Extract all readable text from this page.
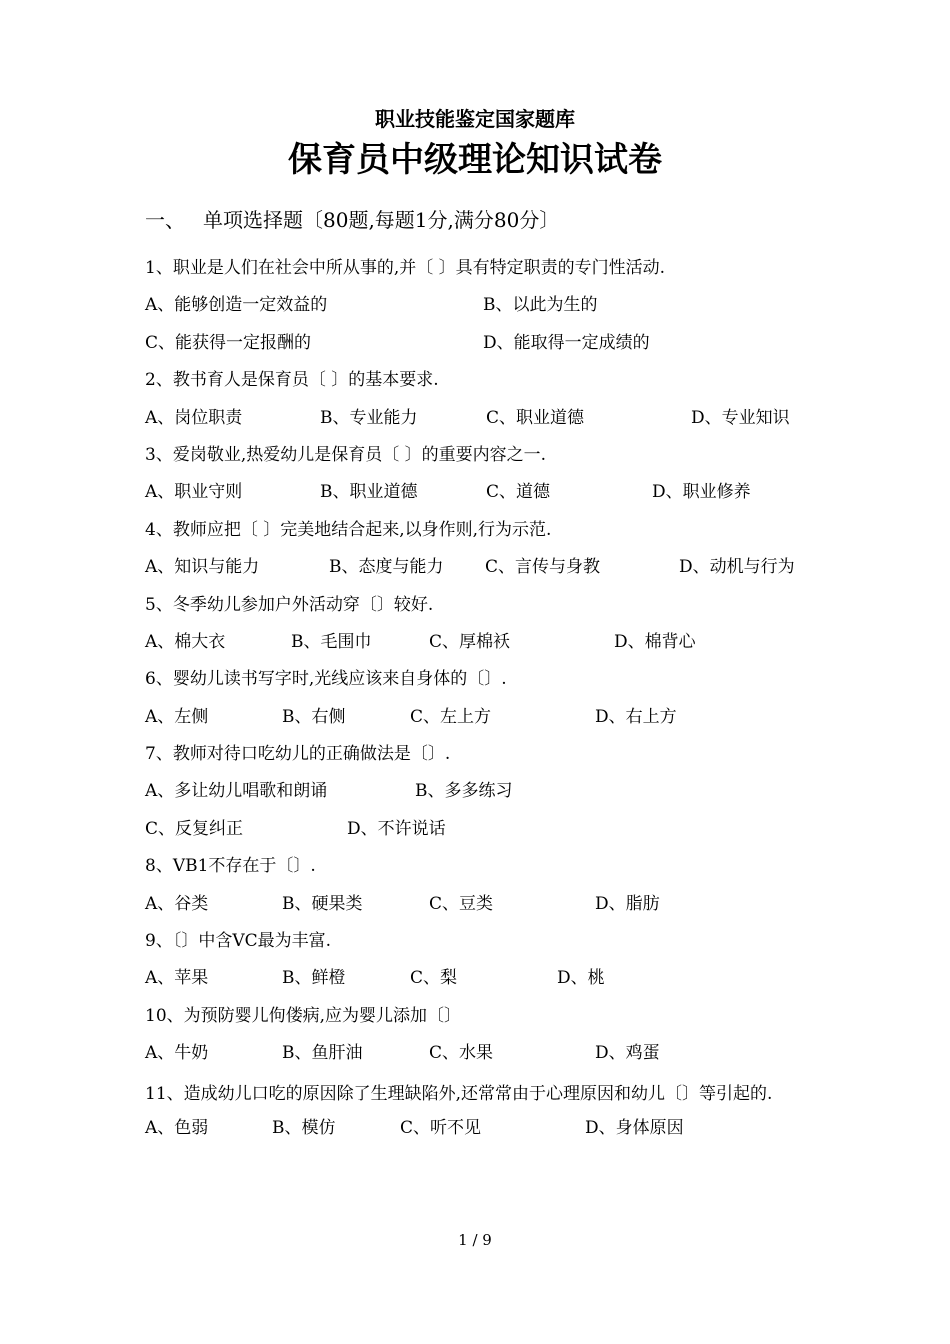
职业技能鉴定国家题库
保育员中级理论知识试卷
一、 单项选择题〔80题,每题1分,满分80分〕
1、职业是人们在社会中所从事的,并〔 〕具有特定职责的专门性活动.
A、能够创造一定效益的	B、以此为生的
C、能获得一定报酬的	D、能取得一定成绩的
2、教书育人是保育员〔 〕的基本要求.
A、岗位职责	B、专业能力	C、职业道德	D、专业知识
3、爱岗敬业,热爱幼儿是保育员〔 〕的重要内容之一.
A、职业守则	B、职业道德	C、道德	D、职业修养
4、教师应把〔 〕完美地结合起来,以身作则,行为示范.
A、知识与能力	B、态度与能力 C、言传与身教	D、动机与行为
5、冬季幼儿参加户外活动穿〔〕较好.
A、棉大衣	B、毛围巾	C、厚棉袄	D、棉背心
6、婴幼儿读书写字时,光线应该来自身体的〔〕.
A、左侧	B、右侧	C、左上方	D、右上方
7、教师对待口吃幼儿的正确做法是〔〕.
A、多让幼儿唱歌和朗诵	B、多多练习
C、反复纠正	D、不许说话
8、VB1不存在于〔〕.
A、谷类	B、硬果类	C、豆类	D、脂肪
9、〔〕中含VC最为丰富.
A、苹果	B、鲜橙	C、梨	D、桃
10、为预防婴儿佝偻病,应为婴儿添加〔〕
A、牛奶	B、鱼肝油	C、水果	D、鸡蛋
11、造成幼儿口吃的原因除了生理缺陷外,还常常由于心理原因和幼儿〔〕等引起的.
A、色弱	B、模仿	C、听不见	D、身体原因
1 / 9
